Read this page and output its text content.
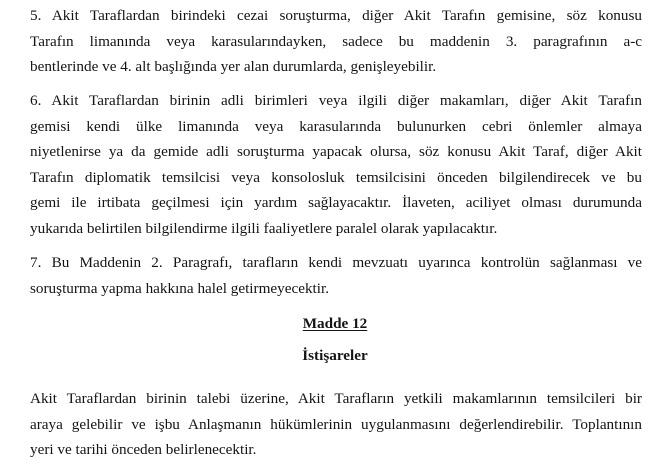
5. Akit Taraflardan birindeki cezai soruşturma, diğer Akit Tarafın gemisine, söz konusu
Tarafın limanında veya karasularındayken, sadece bu maddenin 3. paragrafının a-c
bentlerinde ve 4. alt başlığında yer alan durumlarda, genişleyebilir.

6. Akit Taraflardan birinin adli birimleri veya ilgili diğer makamları, diğer Akit Tarafın
gemisi kendi ülke limanında veya karasularında bulunurken cebri önlemler almaya
niyetlenirse ya da gemide adli soruşturma yapacak olursa, söz konusu Akit Taraf, diğer Akit
Tarafın diplomatik temsilcisi veya konsolosluk temsilcisini önceden bilgilendirecek ve bu
gemi ile irtibata geçilmesi için yardım sağlayacaktır. İlaveten, aciliyet olması durumunda
yukarıda belirtilen bilgilendirme ilgili faaliyetlere paralel olarak yapılacaktır.

7. Bu Maddenin 2. Paragrafı, tarafların kendi mevzuatı uyarınca kontrolün sağlanması ve
soruşturma yapma hakkına halel getirmeyecektir.

Madde 12
İstişareler

Akit Taraflardan birinin talebi üzerine, Akit Tarafların yetkili makamlarının temsilcileri bir
araya gelebilir ve işbu Anlaşmanın hükümlerinin uygulanmasını değerlendirebilir. Toplantının
yeri ve tarihi önceden belirlenecektir.
